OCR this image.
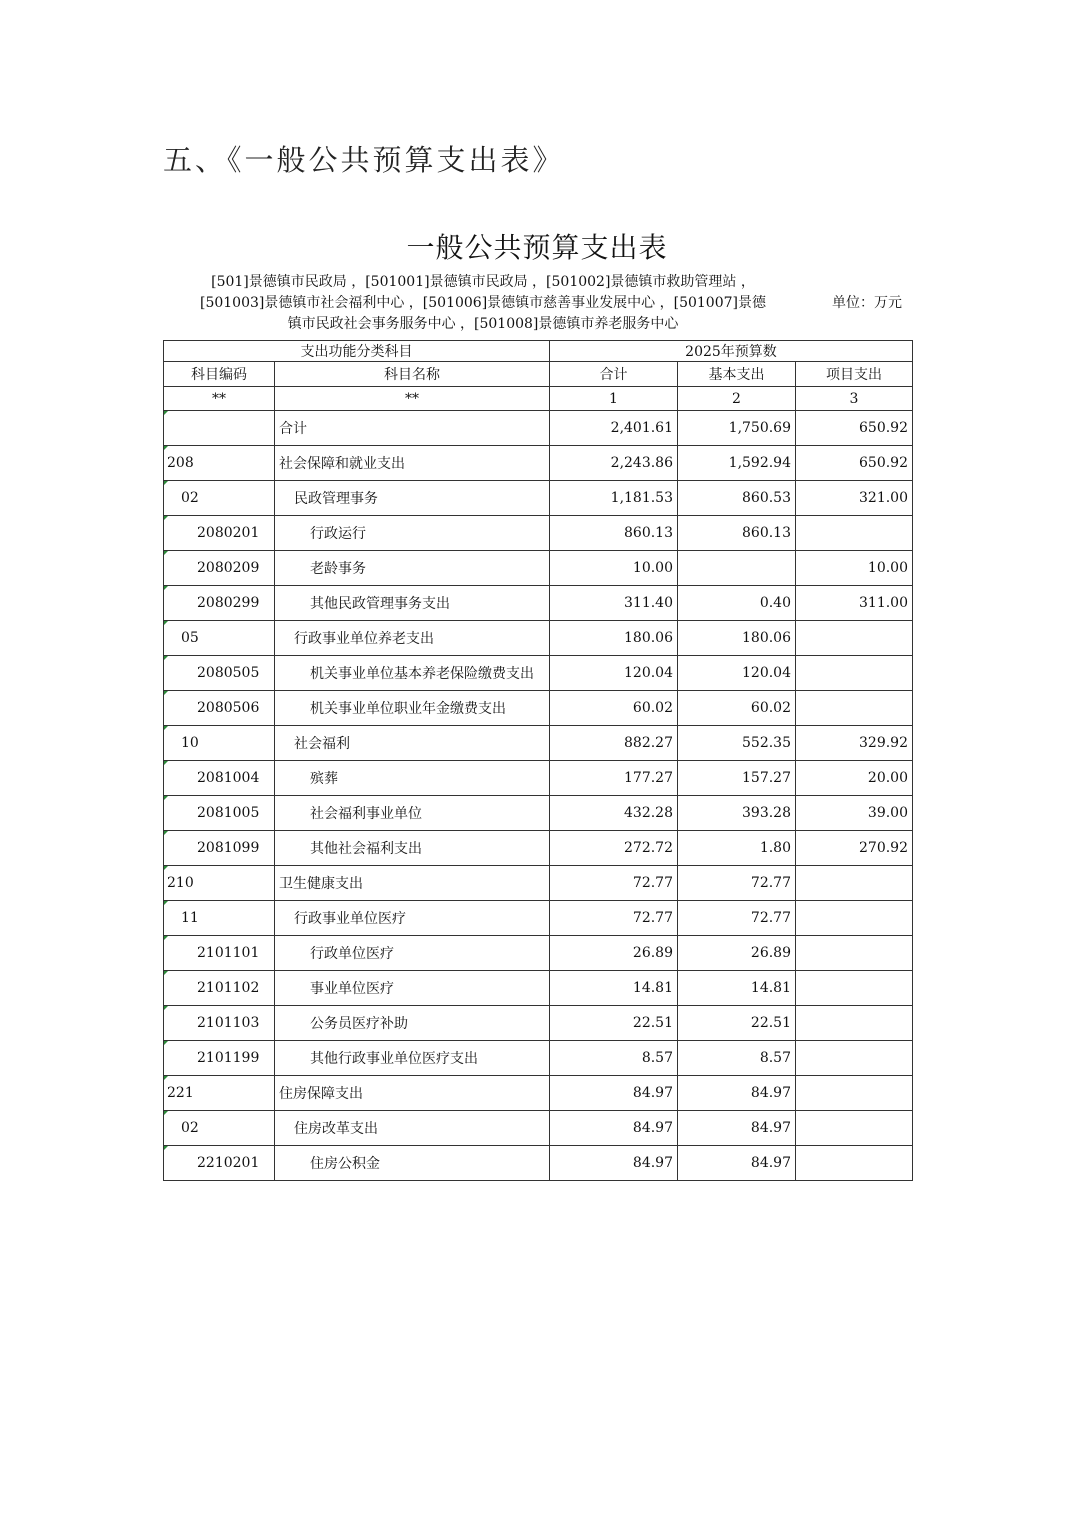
五、《一般公共预算支出表》
一般公共预算支出表
[501]景德镇市民政局 ，[501001]景德镇市民政局 ，[501002]景德镇市救助管理站 ，
[501003]景德镇市社会福利中心 ，[501006]景德镇市慈善事业发展中心 ，[501007]景德
镇市民政社会事务服务中心 ，[501008]景德镇市养老服务中心
单位：万元
支出功能分类科目		2025年预算数		
科目编码	科目名称	合计	基本支出	项目支出
**	**	1	2	3
	合计	2,401.61	1,750.69	650.92
208	社会保障和就业支出	2,243.86	1,592.94	650.92
02	民政管理事务	1,181.53	860.53	321.00
2080201	行政运行	860.13	860.13	
2080209	老龄事务	10.00		10.00
2080299	其他民政管理事务支出	311.40	0.40	311.00
05	行政事业单位养老支出	180.06	180.06	
2080505	机关事业单位基本养老保险缴费支出	120.04	120.04	
2080506	机关事业单位职业年金缴费支出	60.02	60.02	
10	社会福利	882.27	552.35	329.92
2081004	殡葬	177.27	157.27	20.00
2081005	社会福利事业单位	432.28	393.28	39.00
2081099	其他社会福利支出	272.72	1.80	270.92
210	卫生健康支出	72.77	72.77	
11	行政事业单位医疗	72.77	72.77	
2101101	行政单位医疗	26.89	26.89	
2101102	事业单位医疗	14.81	14.81	
2101103	公务员医疗补助	22.51	22.51	
2101199	其他行政事业单位医疗支出	8.57	8.57	
221	住房保障支出	84.97	84.97	
02	住房改革支出	84.97	84.97	
2210201	住房公积金	84.97	84.97	
